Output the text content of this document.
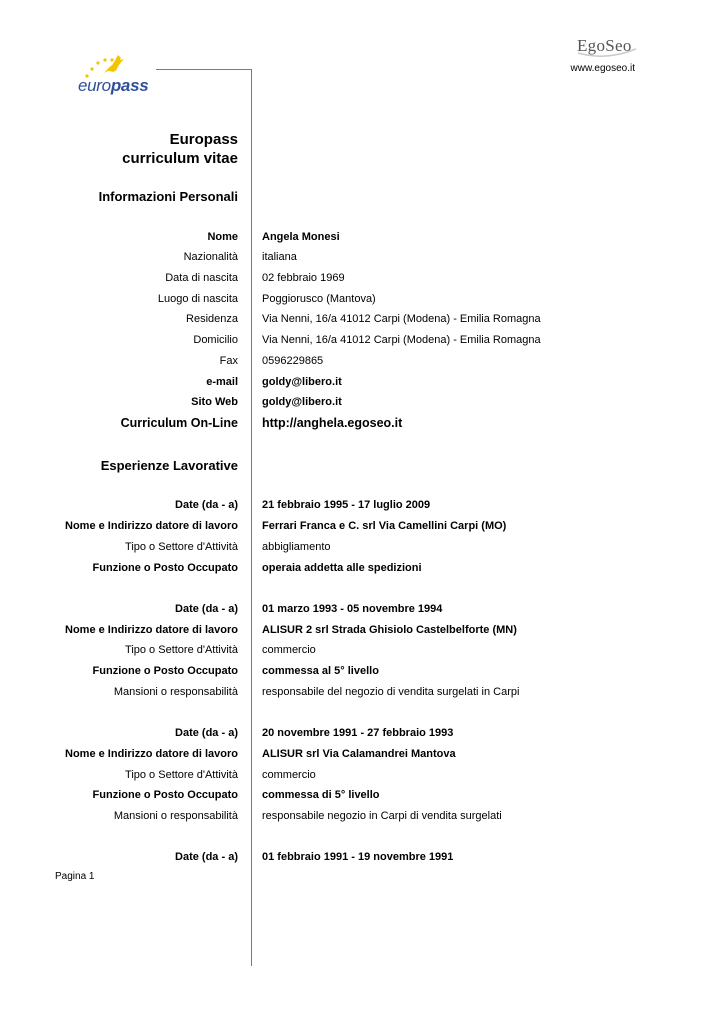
EgoSeo
www.egoseo.it
europass
Europass
curriculum vitae
Informazioni Personali
Nome Angela Monesi
Nazionalità italiana
Data di nascita 02 febbraio 1969
Luogo di nascita Poggiorusco (Mantova)
Residenza Via Nenni, 16/a 41012 Carpi (Modena) - Emilia Romagna
Domicilio Via Nenni, 16/a 41012 Carpi (Modena) - Emilia Romagna
Fax 0596229865
e-mail goldy@libero.it
Sito Web goldy@libero.it
Curriculum On-Line http://anghela.egoseo.it
Esperienze Lavorative
Date (da - a) 21 febbraio 1995 - 17 luglio 2009
Nome e Indirizzo datore di lavoro Ferrari Franca e C. srl Via Camellini Carpi (MO)
Tipo o Settore d'Attività abbigliamento
Funzione o Posto Occupato operaia addetta alle spedizioni
Date (da - a) 01 marzo 1993 - 05 novembre 1994
Nome e Indirizzo datore di lavoro ALISUR 2 srl Strada Ghisiolo Castelbelforte (MN)
Tipo o Settore d'Attività commercio
Funzione o Posto Occupato commessa al 5° livello
Mansioni o responsabilità responsabile del negozio di vendita surgelati in Carpi
Date (da - a) 20 novembre 1991 - 27 febbraio 1993
Nome e Indirizzo datore di lavoro ALISUR srl Via Calamandrei Mantova
Tipo o Settore d'Attività commercio
Funzione o Posto Occupato commessa di 5° livello
Mansioni o responsabilità responsabile negozio in Carpi di vendita surgelati
Date (da - a) 01 febbraio 1991 - 19 novembre 1991
Pagina 1
